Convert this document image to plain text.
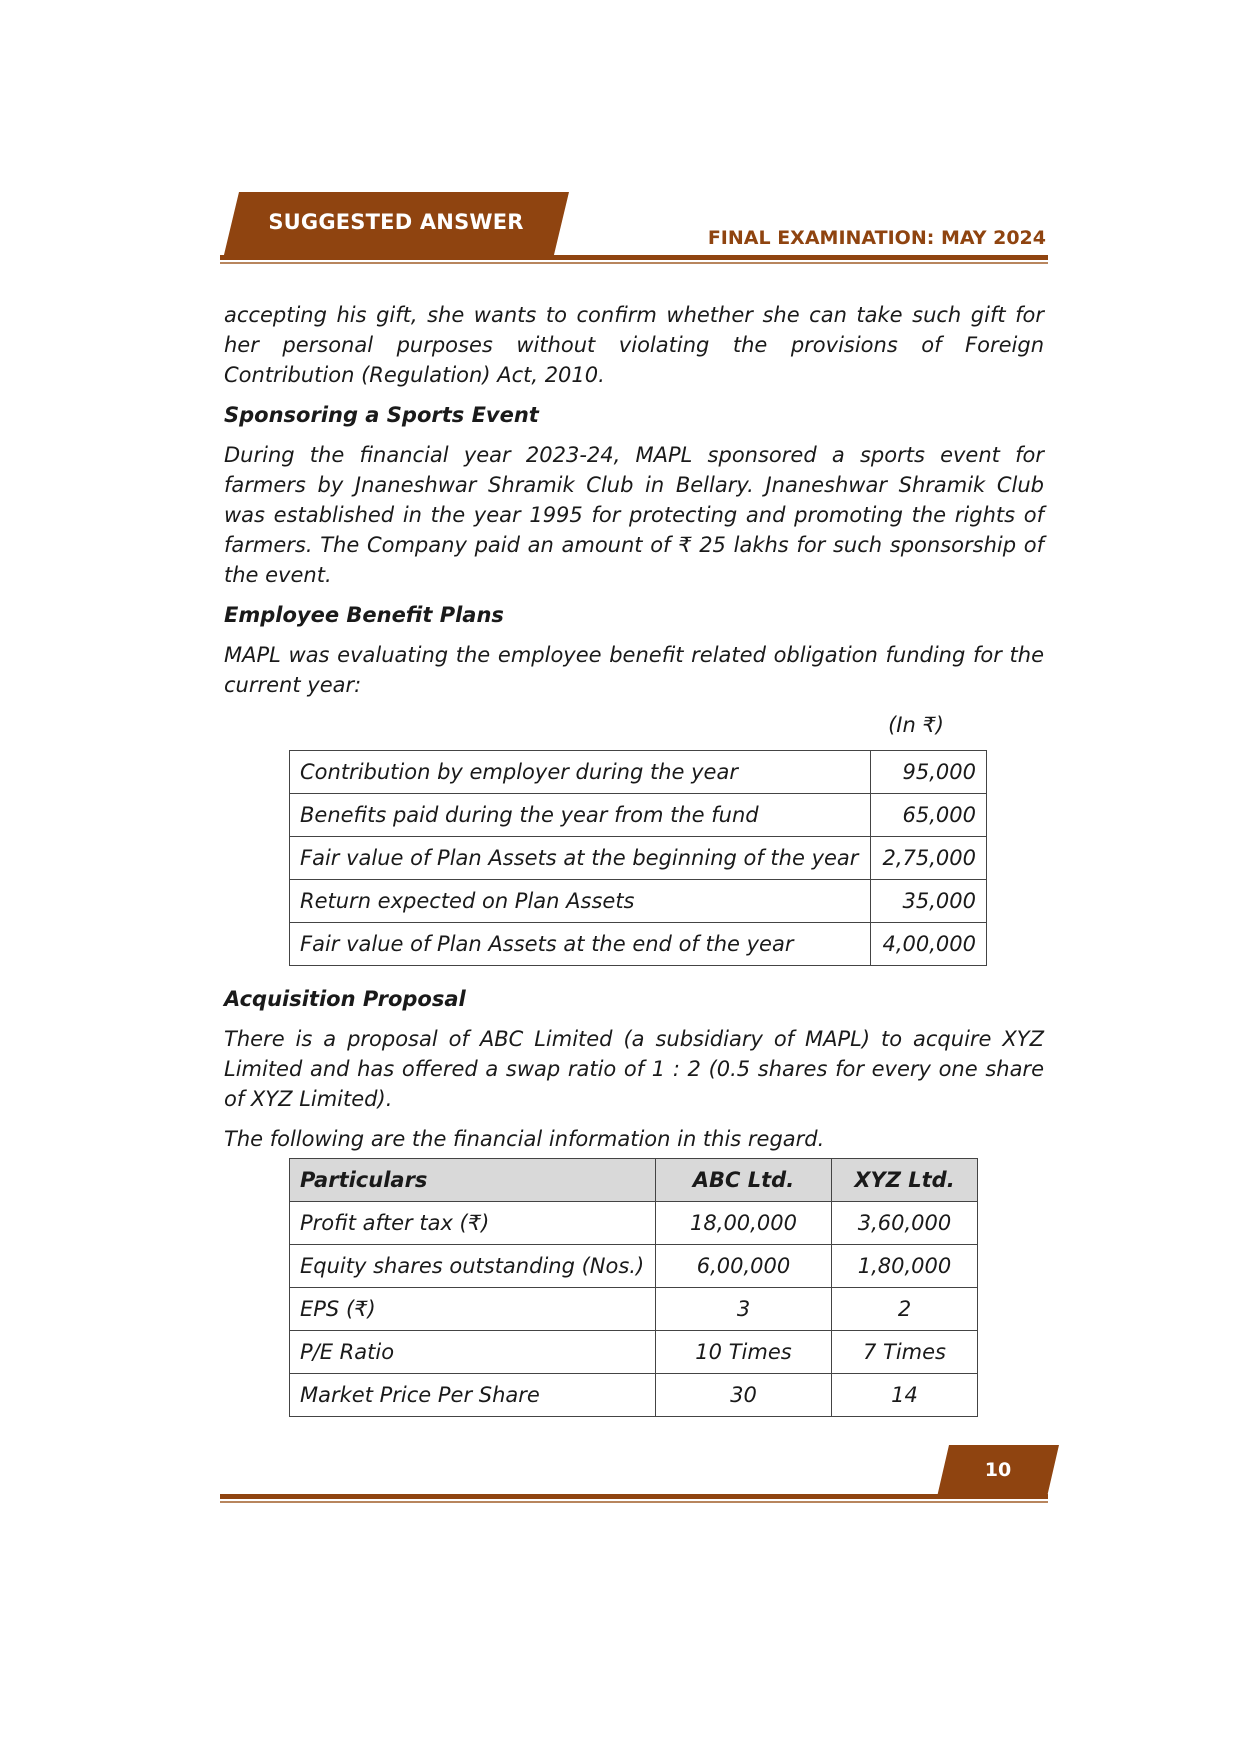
SUGGESTED ANSWER
FINAL EXAMINATION: MAY 2024

accepting his gift, she wants to confirm whether she can take such gift for her personal purposes without violating the provisions of Foreign Contribution (Regulation) Act, 2010.

Sponsoring a Sports Event

During the financial year 2023-24, MAPL sponsored a sports event for farmers by Jnaneshwar Shramik Club in Bellary. Jnaneshwar Shramik Club was established in the year 1995 for protecting and promoting the rights of farmers. The Company paid an amount of ₹ 25 lakhs for such sponsorship of the event.

Employee Benefit Plans

MAPL was evaluating the employee benefit related obligation funding for the current year:

(In ₹)
Contribution by employer during the year	95,000
Benefits paid during the year from the fund	65,000
Fair value of Plan Assets at the beginning of the year	2,75,000
Return expected on Plan Assets	35,000
Fair value of Plan Assets at the end of the year	4,00,000

Acquisition Proposal

There is a proposal of ABC Limited (a subsidiary of MAPL) to acquire XYZ Limited and has offered a swap ratio of 1 : 2 (0.5 shares for every one share of XYZ Limited).

The following are the financial information in this regard.

Particulars	ABC Ltd.	XYZ Ltd.
Profit after tax (₹)	18,00,000	3,60,000
Equity shares outstanding (Nos.)	6,00,000	1,80,000
EPS (₹)	3	2
P/E Ratio	10 Times	7 Times
Market Price Per Share	30	14
10
